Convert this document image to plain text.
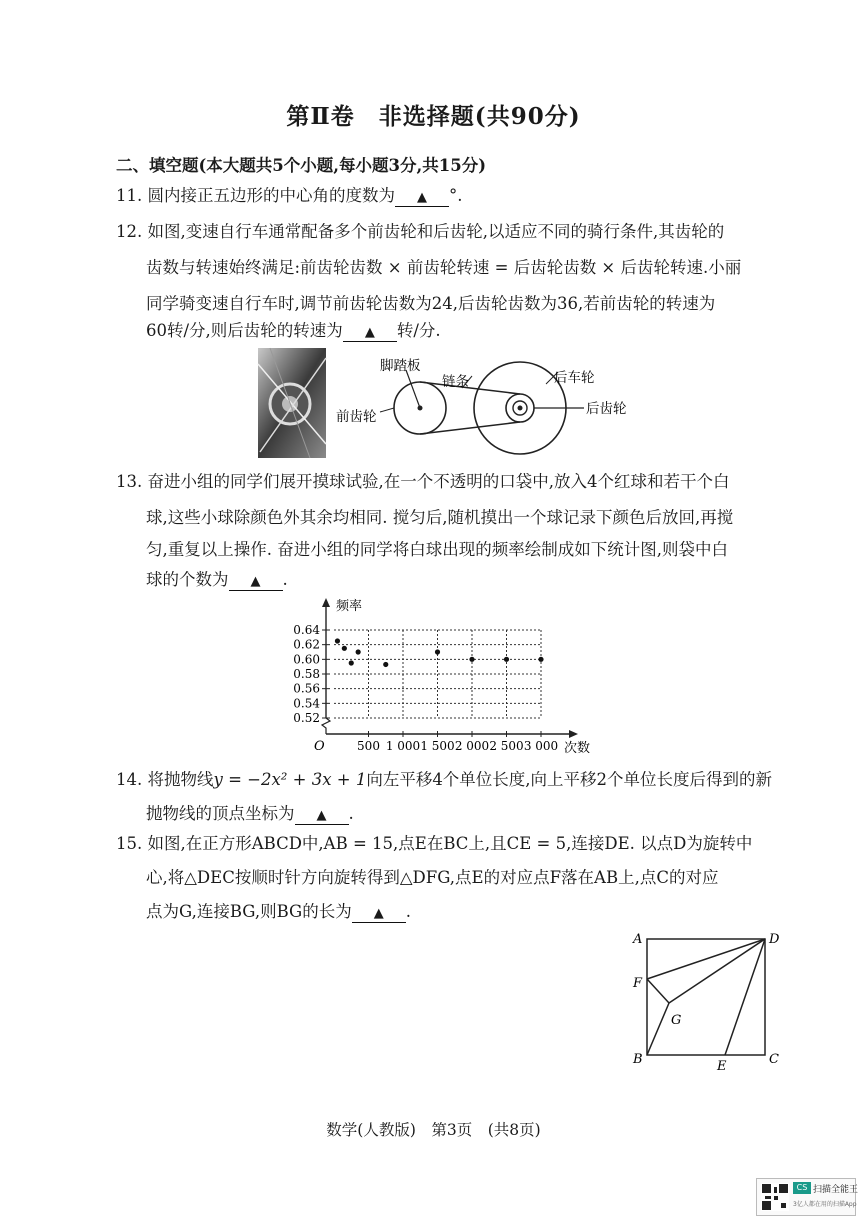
第Ⅱ卷　非选择题(共90分)
二、填空题(本大题共5个小题,每小题3分,共15分)
11. 圆内接正五边形的中心角的度数为 ▲ °.
12. 如图,变速自行车通常配备多个前齿轮和后齿轮,以适应不同的骑行条件,其齿轮的
齿数与转速始终满足:前齿轮齿数 × 前齿轮转速 = 后齿轮齿数 × 后齿轮转速.小丽
同学骑变速自行车时,调节前齿轮齿数为24,后齿轮齿数为36,若前齿轮的转速为
60转/分,则后齿轮的转速为 ▲ 转/分.
脚踏板
链条	后车轮
前齿轮	后齿轮
13. 奋进小组的同学们展开摸球试验,在一个不透明的口袋中,放入4个红球和若干个白
球,这些小球除颜色外其余均相同. 搅匀后,随机摸出一个球记录下颜色后放回,再搅
匀,重复以上操作. 奋进小组的同学将白球出现的频率绘制成如下统计图,则袋中白
球的个数为 ▲ .
0.52
0.54
0.56
0.58
0.60
0.62
0.64
500 1 000 1 500 2 000 2 500 3 000
频率
次数
O
14. 将抛物线y = −2x² + 3x + 1向左平移4个单位长度,向上平移2个单位长度后得到的新
抛物线的顶点坐标为 ▲ .
15. 如图,在正方形ABCD中,AB = 15,点E在BC上,且CE = 5,连接DE. 以点D为旋转中
心,将△DEC按顺时针方向旋转得到△DFG,点E的对应点F落在AB上,点C的对应
点为G,连接BG,则BG的长为 ▲ .
A	D
F
G
B	C
E
数学(人教版)　第3页　(共8页)
CS 扫描全能王
3亿人都在用的扫描App
